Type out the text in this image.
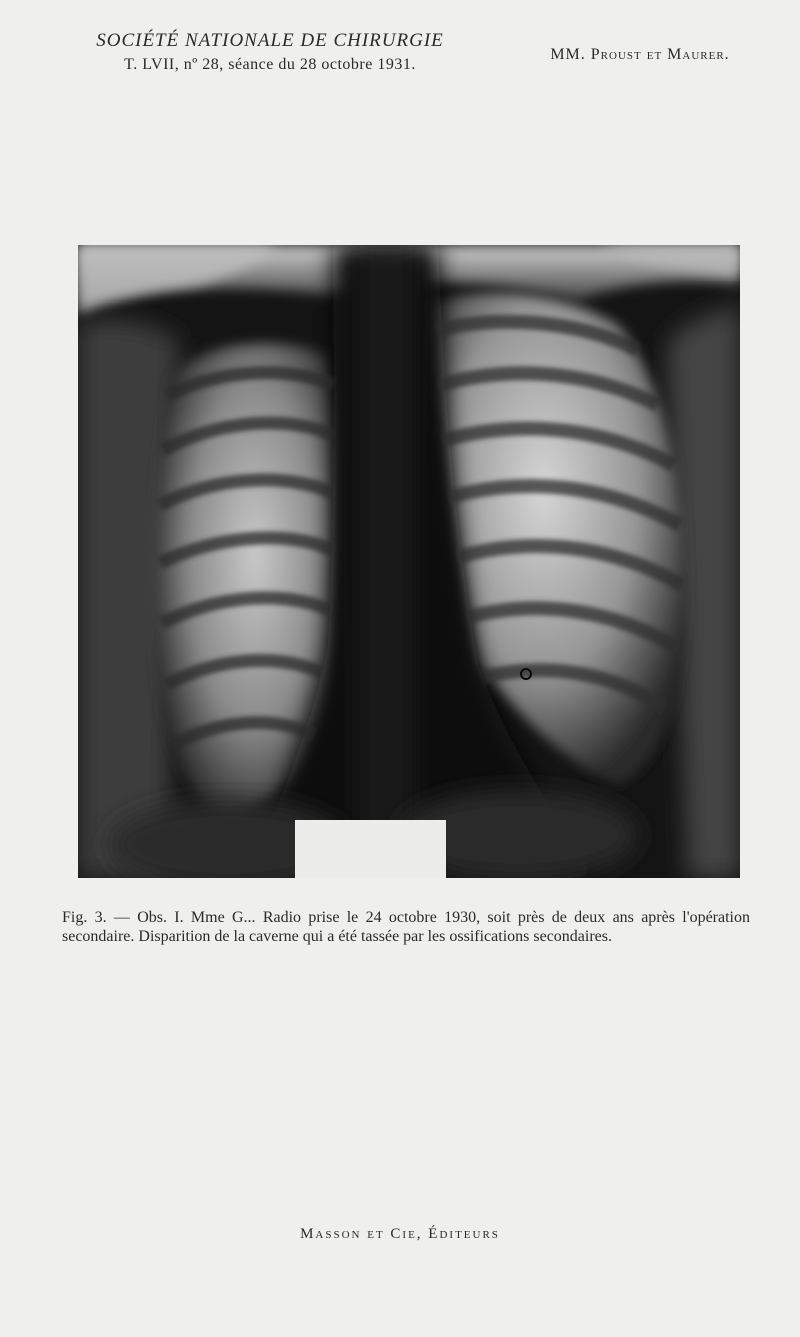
SOCIÉTÉ NATIONALE DE CHIRURGIE
T. LVII, nº 28, séance du 28 octobre 1931.
MM. Proust et Maurer.
Fig. 3. — Obs. I. Mme G... Radio prise le 24 octobre 1930, soit près de deux ans après l'opération secondaire. Disparition de la caverne qui a été tassée par les ossifications secondaires.
Masson et Cie, Éditeurs
